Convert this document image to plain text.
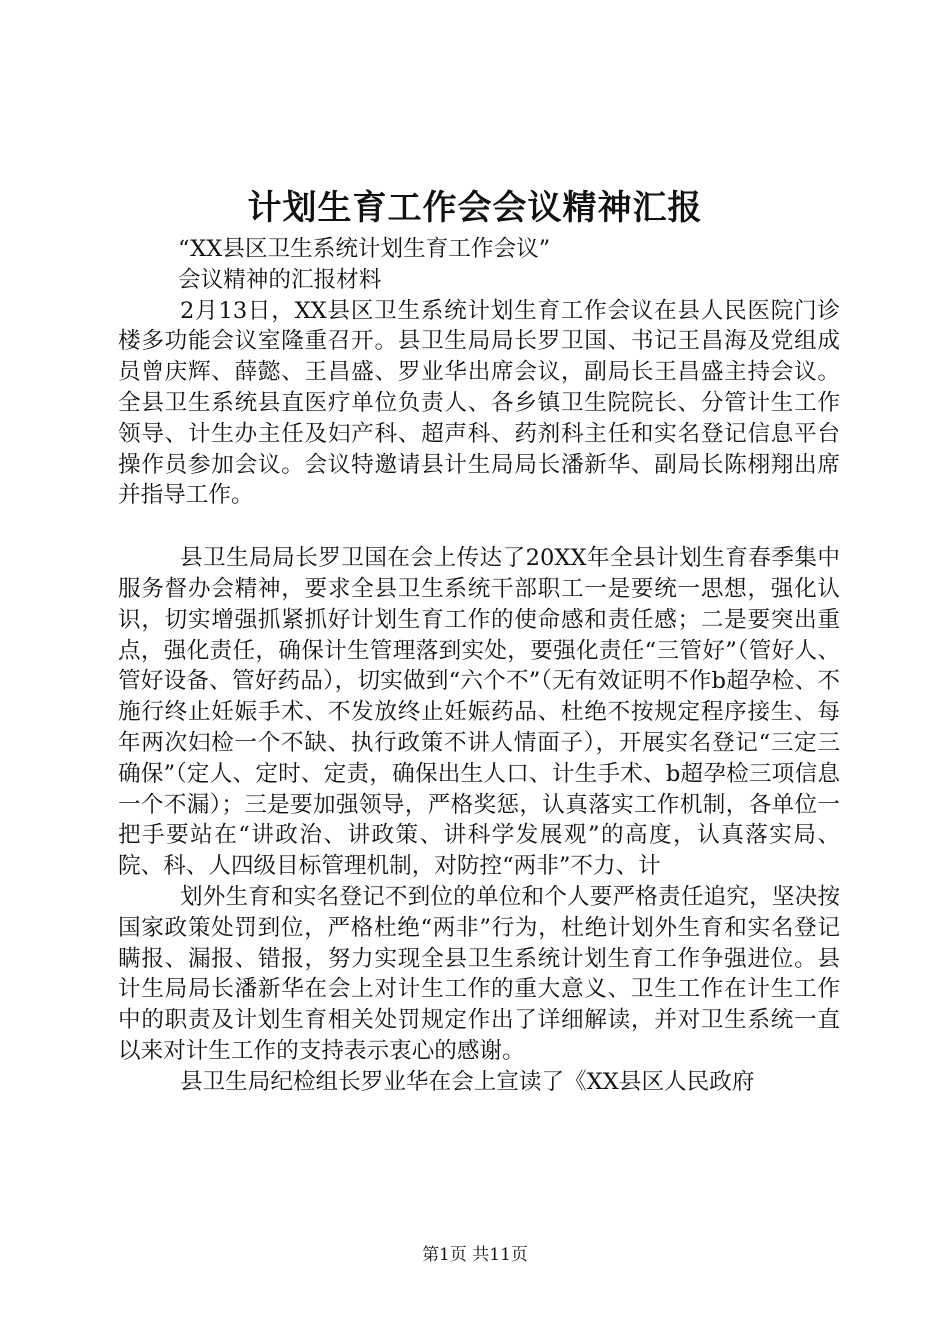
计划生育工作会会议精神汇报

“XX县区卫生系统计划生育工作会议”

会议精神的汇报材料

2月13日，XX县区卫生系统计划生育工作会议在县人民医院门诊楼多功能会议室隆重召开。县卫生局局长罗卫国、书记王昌海及党组成员曾庆辉、薛懿、王昌盛、罗业华出席会议，副局长王昌盛主持会议。全县卫生系统县直医疗单位负责人、各乡镇卫生院院长、分管计生工作领导、计生办主任及妇产科、超声科、药剂科主任和实名登记信息平台操作员参加会议。会议特邀请县计生局局长潘新华、副局长陈栩翔出席并指导工作。

县卫生局局长罗卫国在会上传达了20XX年全县计划生育春季集中服务督办会精神，要求全县卫生系统干部职工一是要统一思想，强化认识，切实增强抓紧抓好计划生育工作的使命感和责任感；二是要突出重点，强化责任，确保计生管理落到实处，要强化责任“三管好”（管好人、管好设备、管好药品），切实做到“六个不”（无有效证明不作b超孕检、不施行终止妊娠手术、不发放终止妊娠药品、杜绝不按规定程序接生、每年两次妇检一个不缺、执行政策不讲人情面子），开展实名登记“三定三确保”（定人、定时、定责，确保出生人口、计生手术、b超孕检三项信息一个不漏）；三是要加强领导，严格奖惩，认真落实工作机制，各单位一把手要站在“讲政治、讲政策、讲科学发展观”的高度，认真落实局、院、科、人四级目标管理机制，对防控“两非”不力、计

划外生育和实名登记不到位的单位和个人要严格责任追究，坚决按国家政策处罚到位，严格杜绝“两非”行为，杜绝计划外生育和实名登记瞒报、漏报、错报，努力实现全县卫生系统计划生育工作争强进位。县计生局局长潘新华在会上对计生工作的重大意义、卫生工作在计生工作中的职责及计划生育相关处罚规定作出了详细解读，并对卫生系统一直以来对计生工作的支持表示衷心的感谢。

县卫生局纪检组长罗业华在会上宣读了《XX县区人民政府

第1页 共11页
